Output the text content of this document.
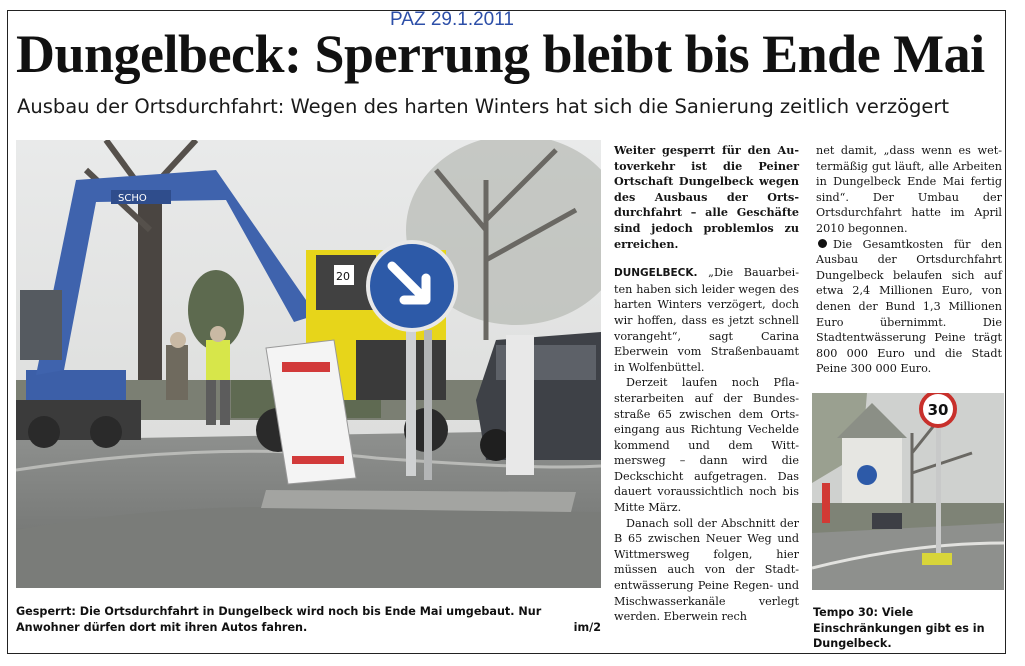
PAZ 29.1.2011
Dungelbeck: Sperrung bleibt bis Ende Mai
Ausbau der Ortsdurchfahrt: Wegen des harten Winters hat sich die Sanierung zeitlich verzögert
SCHO
20
30
Gesperrt: Die Ortsdurchfahrt in Dungelbeck wird noch bis Ende Mai umgebaut. Nur Anwohner dürfen dort mit ihren Autos fahren.	im/2
Tempo 30: Viele Einschränkungen gibt es in Dungelbeck.

Weiter gesperrt für den Autoverkehr ist die Peiner Ortschaft Dungelbeck wegen des Ausbaus der Ortsdurchfahrt – alle Geschäfte sind jedoch problemlos zu erreichen.

DUNGELBECK. „Die Bauarbeiten haben sich leider wegen des harten Winters verzögert, doch wir hoffen, dass es jetzt schnell vorangeht“, sagt Carina Eberwein vom Straßenbauamt in Wolfenbüttel.

Derzeit laufen noch Pflasterarbeiten auf der Bundesstraße 65 zwischen dem Ortseingang aus Richtung Vechelde kommend und dem Wittmersweg – dann wird die Deckschicht aufgetragen. Das dauert voraussichtlich noch bis Mitte März.

Danach soll der Abschnitt der B 65 zwischen Neuer Weg und Wittmersweg folgen, hier müssen auch von der Stadtentwässerung Peine Regen- und Mischwasserkanäle verlegt werden. Eberwein rech

net damit, „dass wenn es wettermäßig gut läuft, alle Arbeiten in Dungelbeck Ende Mai fertig sind“. Der Umbau der Ortsdurchfahrt hatte im April 2010 begonnen.

Die Gesamtkosten für den Ausbau der Ortsdurchfahrt Dungelbeck belaufen sich auf etwa 2,4 Millionen Euro, von denen der Bund 1,3 Millionen Euro übernimmt. Die Stadtentwässerung Peine trägt 800 000 Euro und die Stadt Peine 300 000 Euro.
